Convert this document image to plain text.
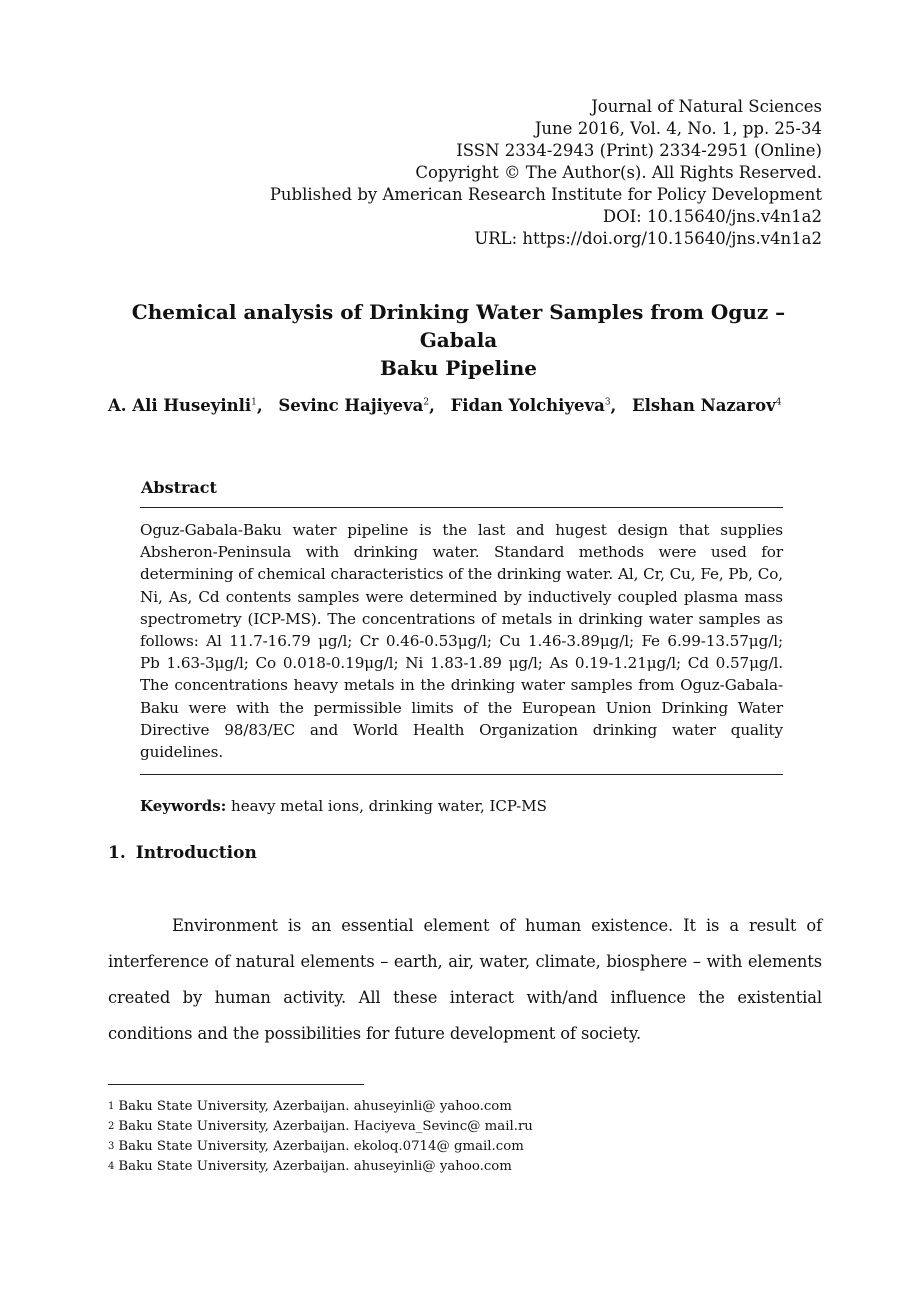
Journal of Natural Sciences
June 2016, Vol. 4, No. 1, pp. 25-34
ISSN 2334-2943 (Print) 2334-2951 (Online)
Copyright © The Author(s). All Rights Reserved.
Published by American Research Institute for Policy Development
DOI: 10.15640/jns.v4n1a2
URL: https://doi.org/10.15640/jns.v4n1a2
Chemical analysis of Drinking Water Samples from Oguz – Gabala
Baku Pipeline
A. Ali Huseyinli$^1$, Sevinc Hajiyeva$^2$, Fidan Yolchiyeva$^3$, Elshan Nazarov$^4$
Abstract
Oguz-Gabala-Baku water pipeline is the last and hugest design that supplies Absheron-Peninsula with drinking water. Standard methods were used for determining of chemical characteristics of the drinking water. Al, Cr, Cu, Fe, Pb, Co, Ni, As, Cd contents samples were determined by inductively coupled plasma mass spectrometry (ICP-MS). The concentrations of metals in drinking water samples as follows: Al 11.7-16.79 μg/l; Cr 0.46-0.53μg/l; Cu 1.46-3.89μg/l; Fe 6.99-13.57μg/l; Pb 1.63-3μg/l; Co 0.018-0.19μg/l; Ni 1.83-1.89 μg/l; As 0.19-1.21μg/l; Cd 0.57μg/l. The concentrations heavy metals in the drinking water samples from Oguz-Gabala-Baku were with the permissible limits of the European Union Drinking Water Directive 98/83/EC and World Health Organization drinking water quality guidelines.
Keywords: heavy metal ions, drinking water, ICP-MS
1. Introduction
Environment is an essential element of human existence. It is a result of interference of natural elements – earth, air, water, climate, biosphere – with elements created by human activity. All these interact with/and influence the existential conditions and the possibilities for future development of society.
1 Baku State University, Azerbaijan. ahuseyinli@ yahoo.com
2 Baku State University, Azerbaijan. Haciyeva_Sevinc@ mail.ru
3 Baku State University, Azerbaijan. ekoloq.0714@ gmail.com
4 Baku State University, Azerbaijan. ahuseyinli@ yahoo.com
